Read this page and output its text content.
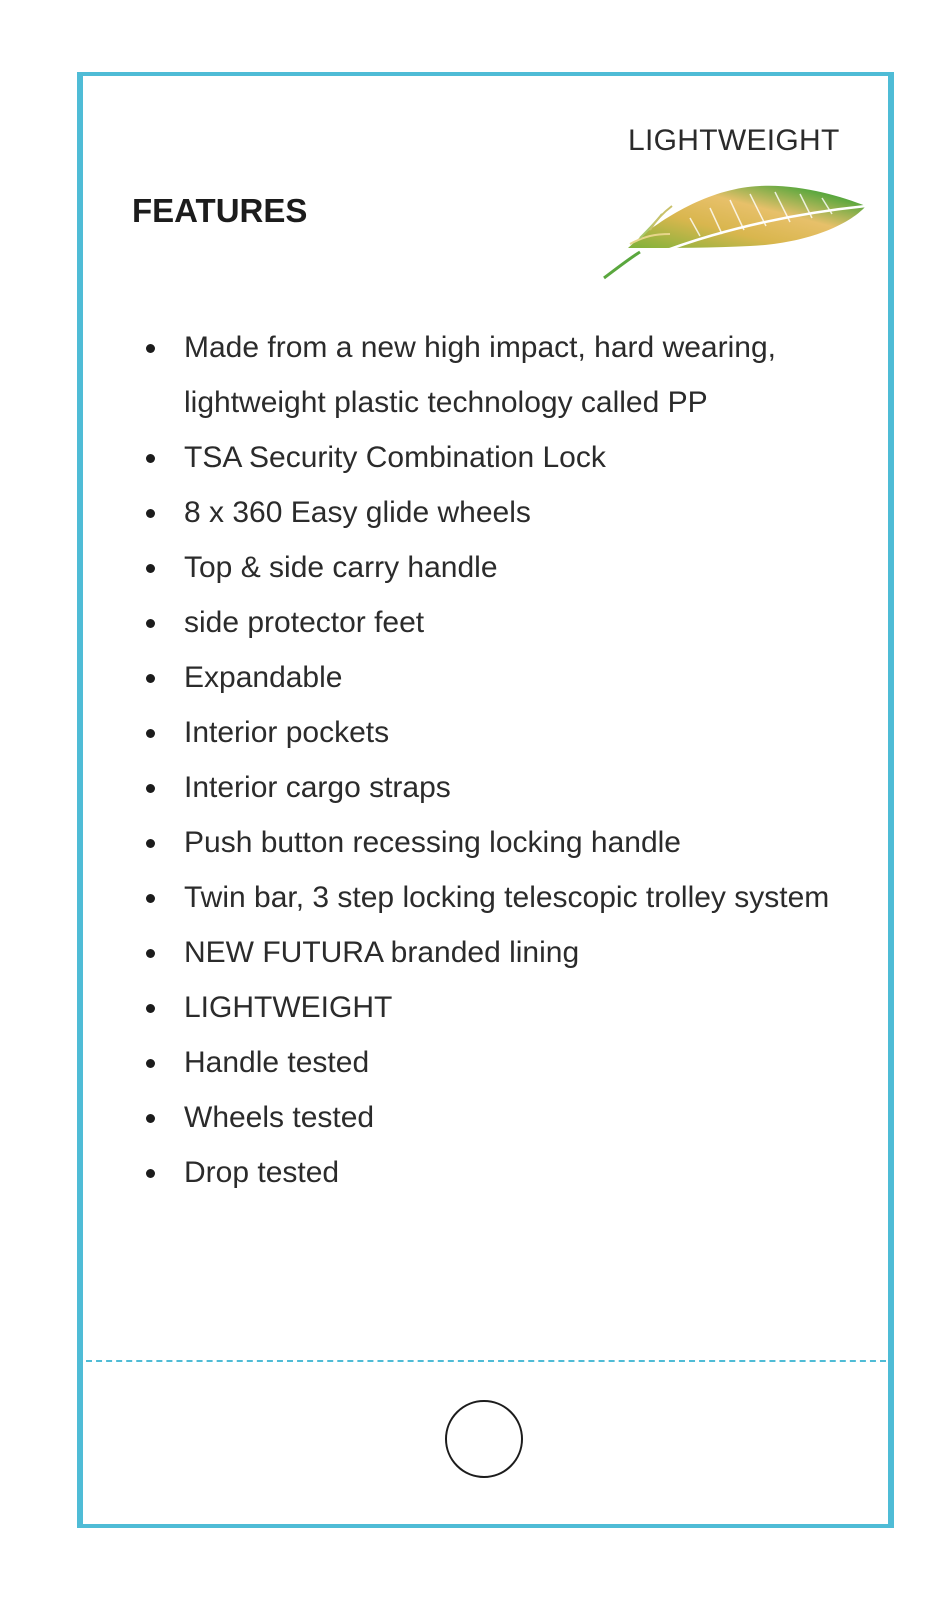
LIGHTWEIGHT
FEATURES
Made from a new high impact, hard wearing, lightweight plastic technology called PP
TSA Security Combination Lock
8 x 360 Easy glide wheels
Top & side carry handle
side protector feet
Expandable
Interior pockets
Interior cargo straps
Push button recessing locking handle
Twin bar, 3 step locking telescopic trolley system
NEW FUTURA branded lining
LIGHTWEIGHT
Handle tested
Wheels tested
Drop tested
